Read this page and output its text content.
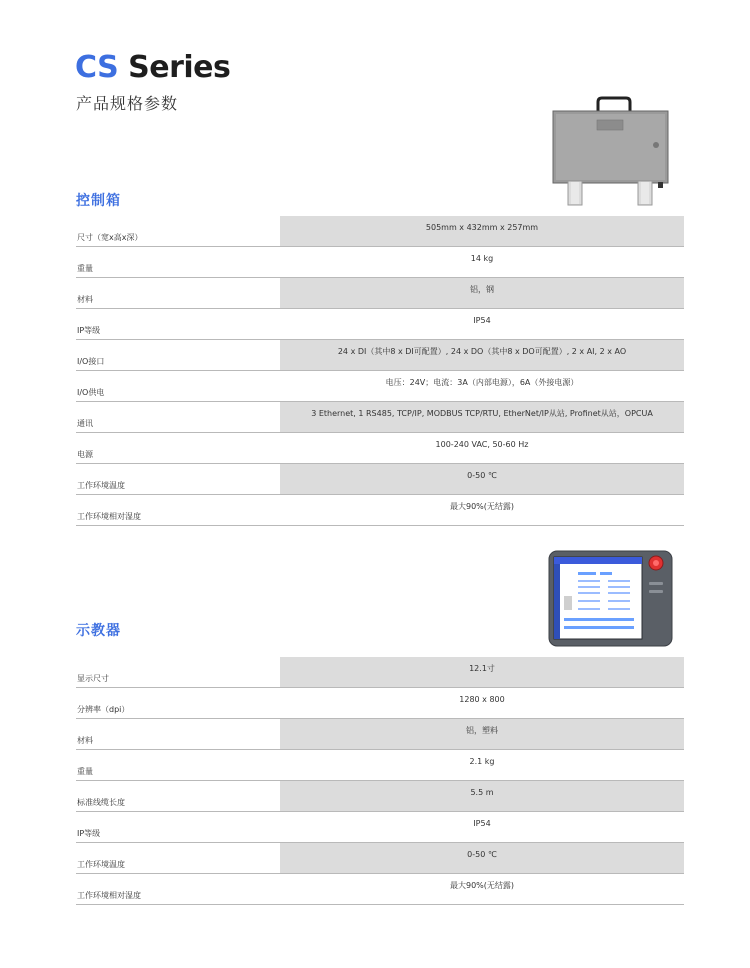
CS Series
产品规格参数
控制箱
尺寸（宽x高x深）
505mm x 432mm x 257mm
重量
14 kg
材料
铝，钢
IP等级
IP54
I/O接口
24 x DI（其中8 x DI可配置）, 24 x DO（其中8 x DO可配置）, 2 x AI, 2 x AO
I/O供电
电压：24V；电流：3A（内部电源），6A（外接电源）
通讯
3 Ethernet, 1 RS485, TCP/IP, MODBUS TCP/RTU, EtherNet/IP从站, Profinet从站，OPCUA
电源
100-240 VAC, 50-60 Hz
工作环境温度
0-50 ℃
工作环境相对湿度
最大90%(无结露)
示教器
显示尺寸
12.1寸
分辨率（dpi）
1280 x 800
材料
铝，塑料
重量
2.1 kg
标准线缆长度
5.5 m
IP等级
IP54
工作环境温度
0-50 ℃
工作环境相对湿度
最大90%(无结露)
